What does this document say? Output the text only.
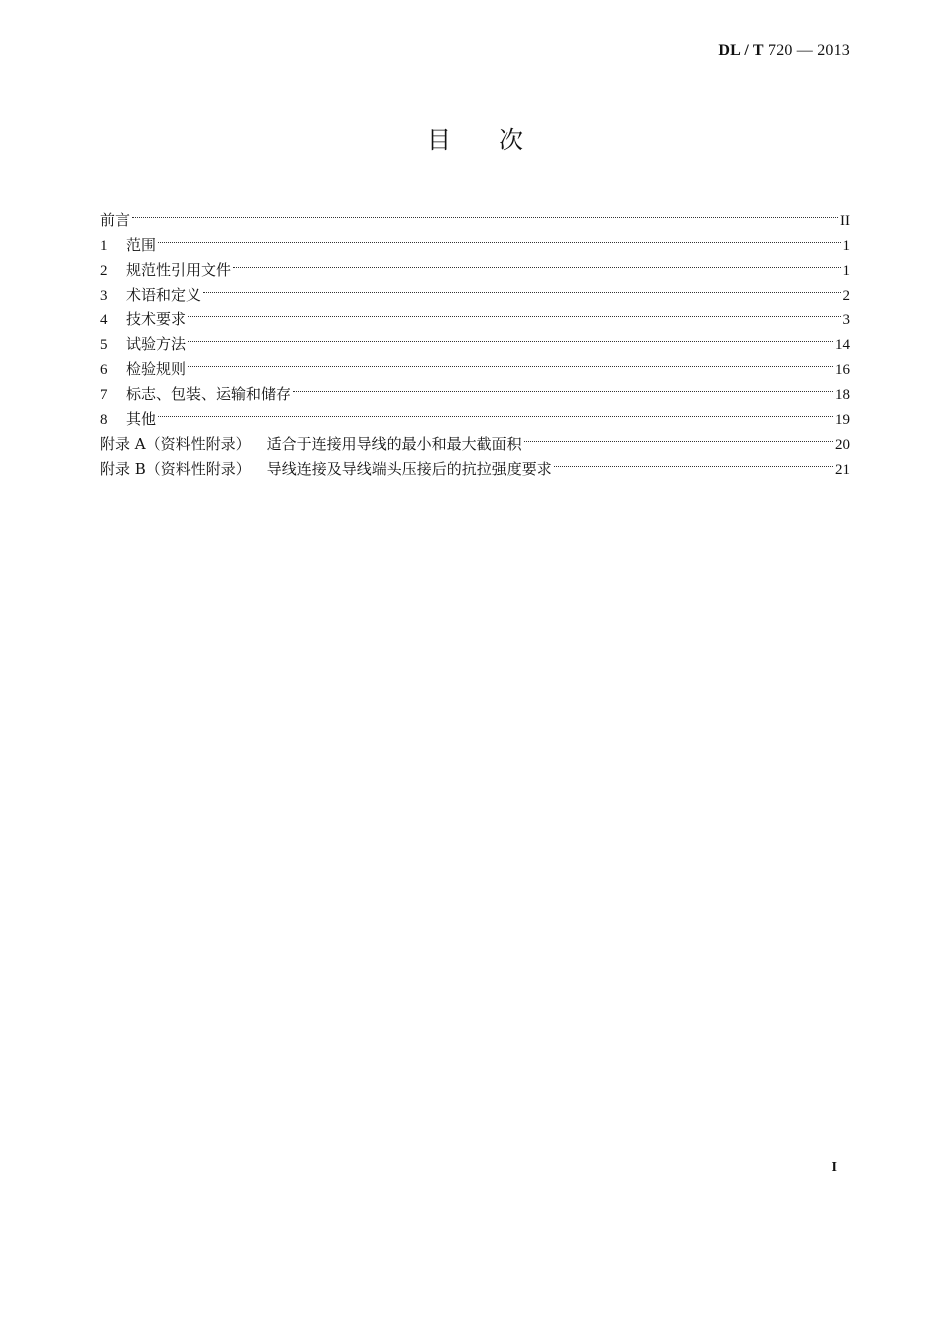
DL / T 720 — 2013
目 次
前言	II
1	范围	1
2	规范性引用文件	1
3	术语和定义	2
4	技术要求	3
5	试验方法	14
6	检验规则	16
7	标志、包装、运输和储存	18
8	其他	19
附录 A（资料性附录） 适合于连接用导线的最小和最大截面积	20
附录 B（资料性附录） 导线连接及导线端头压接后的抗拉强度要求	21
I
